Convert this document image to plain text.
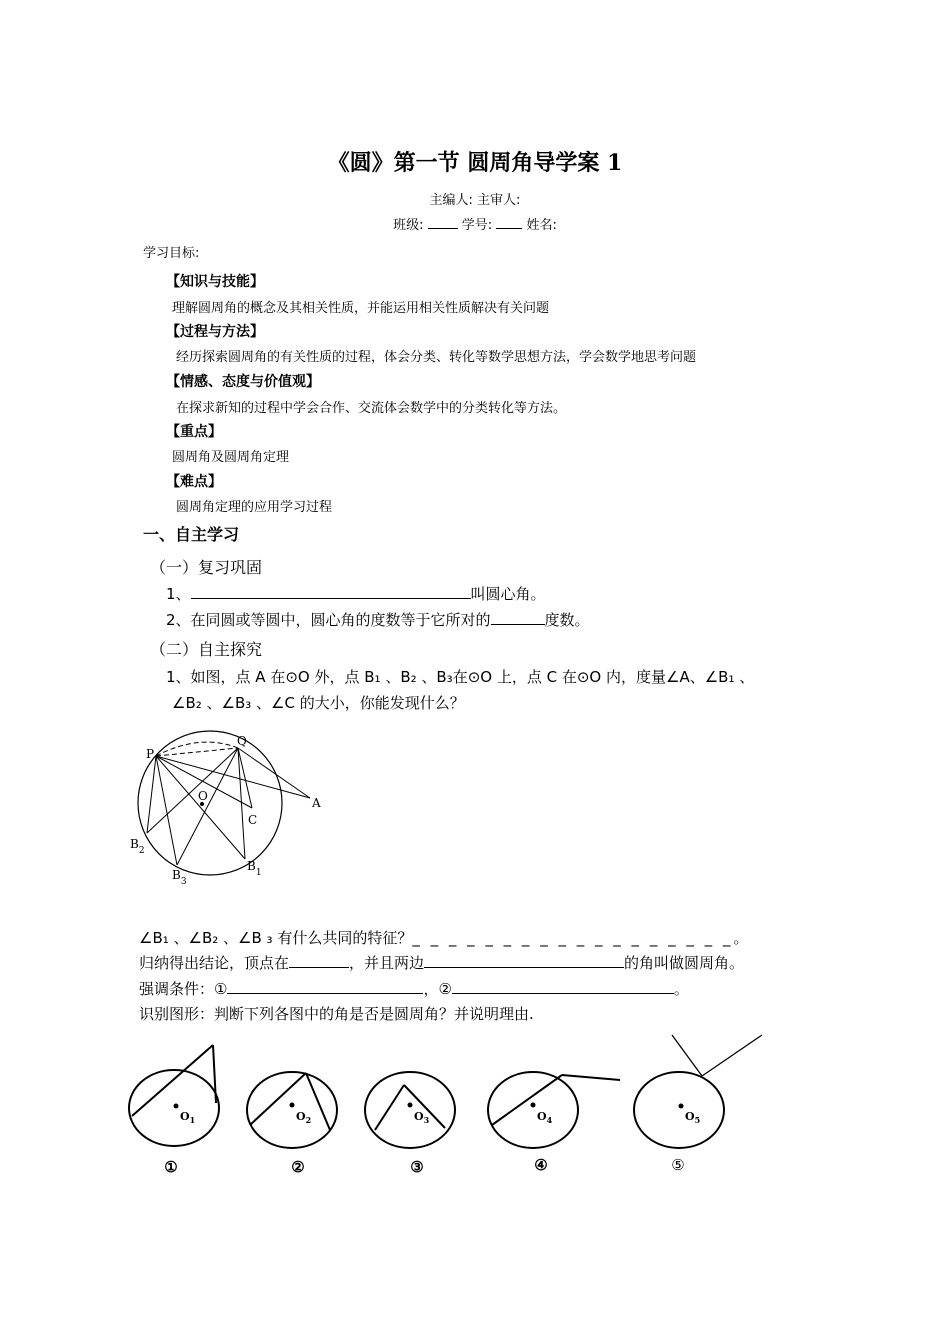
《圆》第一节 圆周角导学案 1
主编人: 主审人:
班级:	学号:	姓名:
学习目标:
【知识与技能】
理解圆周角的概念及其相关性质，并能运用相关性质解决有关问题
【过程与方法】
经历探索圆周角的有关性质的过程，体会分类、转化等数学思想方法，学会数学地思考问题
【情感、态度与价值观】
在探求新知的过程中学会合作、交流体会数学中的分类转化等方法。
【重点】
圆周角及圆周角定理
【难点】
圆周角定理的应用学习过程
一、自主学习
（一）复习巩固
1、	叫圆心角。
2、在同圆或等圆中，圆心角的度数等于它所对的	度数。
（二）自主探究
1、如图，点 A 在⊙O 外，点 B₁ 、B₂ 、B₃在⊙O 上，点 C 在⊙O 内，度量∠A、∠B₁ 、
∠B₂ 、∠B₃ 、∠C 的大小，你能发现什么？
P
Q
O	A
C
$B_2$
$B_3$
$B_1$
∠B₁ 、∠B₂ 、∠B ₃ 有什么共同的特征？_ _ _ _ _ _ _ _ _ _ _ _ _ _ _ _ _ _。
归纳得出结论，顶点在	，并且两边	的角叫做圆周角。
强调条件：①	，②	。
识别图形：判断下列各图中的角是否是圆周角？并说明理由.
$O_1$	$O_2$	$O_3$	$O_4$	$O_5$
①	②	③	④	⑤
